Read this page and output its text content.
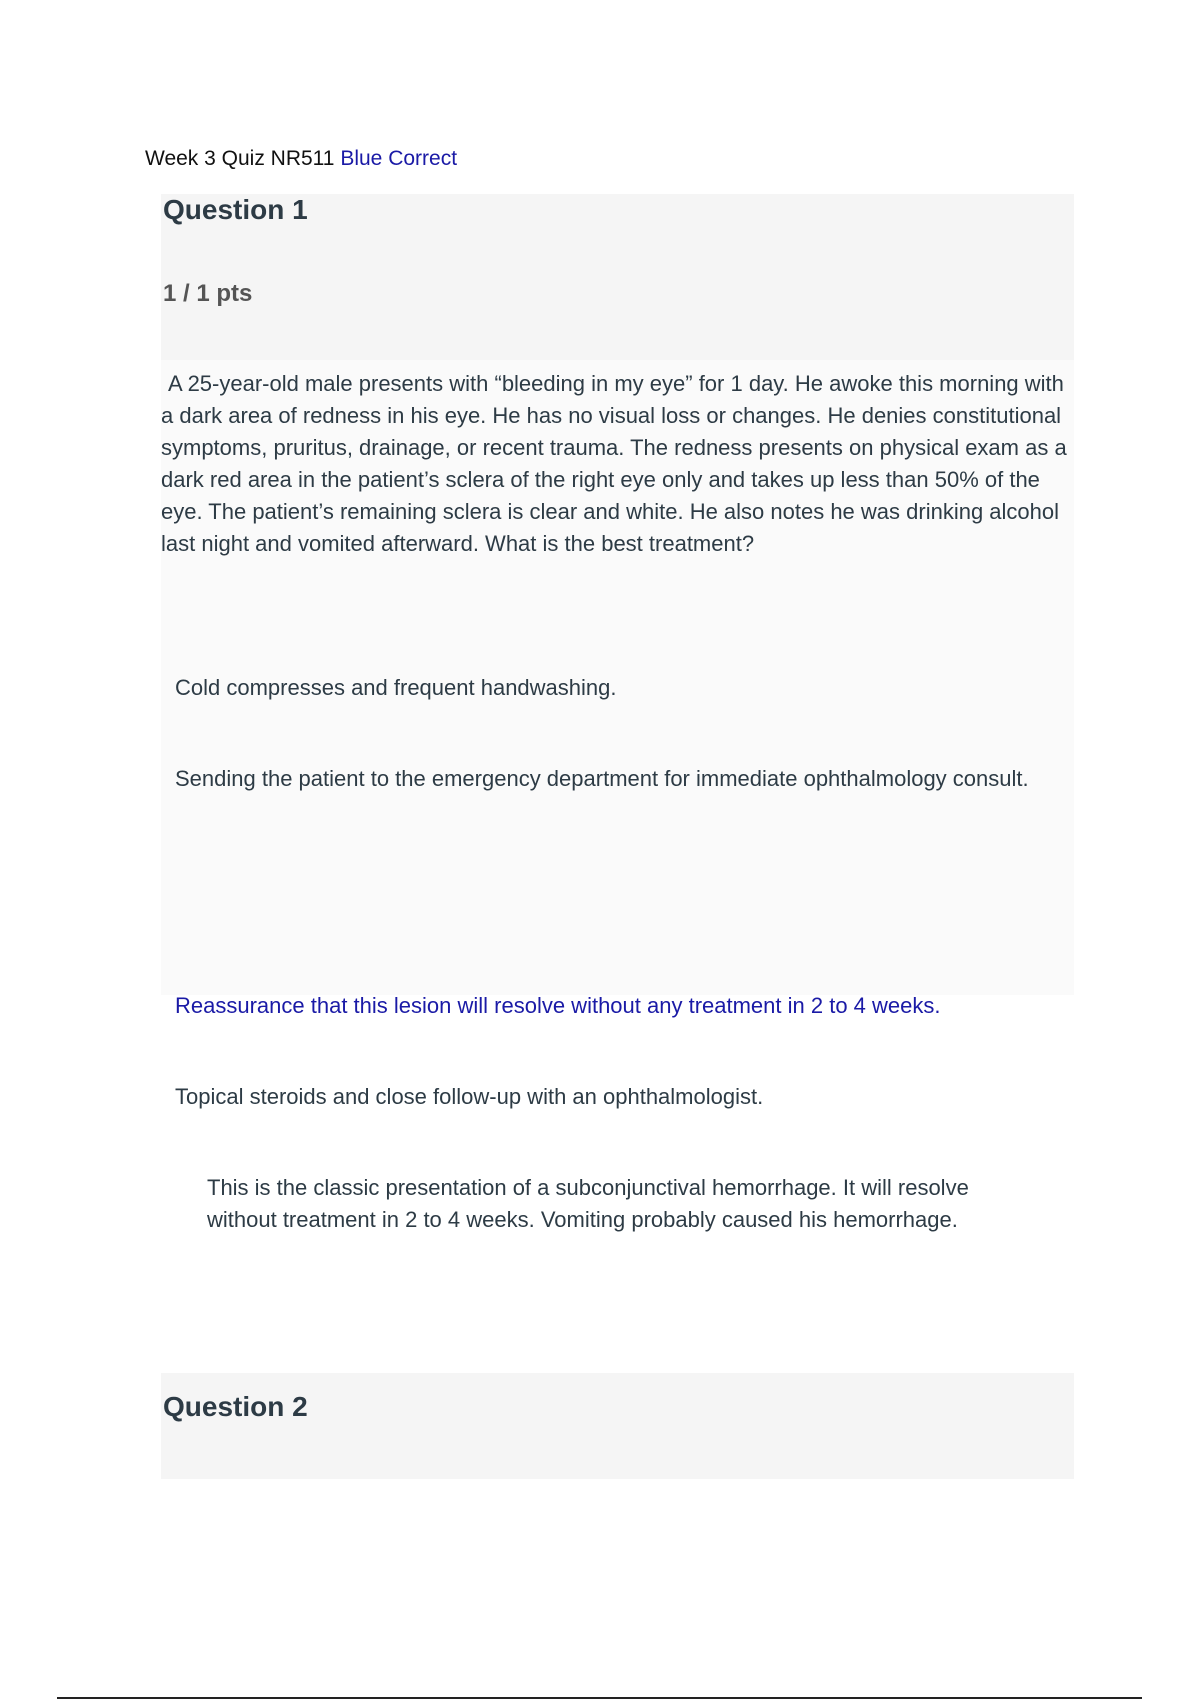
Week 3 Quiz NR511 Blue Correct
Question 1
1 / 1 pts
A 25-year-old male presents with “bleeding in my eye” for 1 day. He awoke this morning with a dark area of redness in his eye. He has no visual loss or changes. He denies constitutional symptoms, pruritus, drainage, or recent trauma. The redness presents on physical exam as a dark red area in the patient’s sclera of the right eye only and takes up less than 50% of the eye. The patient’s remaining sclera is clear and white. He also notes he was drinking alcohol last night and vomited afterward. What is the best treatment?
Cold compresses and frequent handwashing.
Sending the patient to the emergency department for immediate ophthalmology consult.
Reassurance that this lesion will resolve without any treatment in 2 to 4 weeks.
Topical steroids and close follow-up with an ophthalmologist.
This is the classic presentation of a subconjunctival hemorrhage. It will resolve without treatment in 2 to 4 weeks. Vomiting probably caused his hemorrhage.
Question 2
